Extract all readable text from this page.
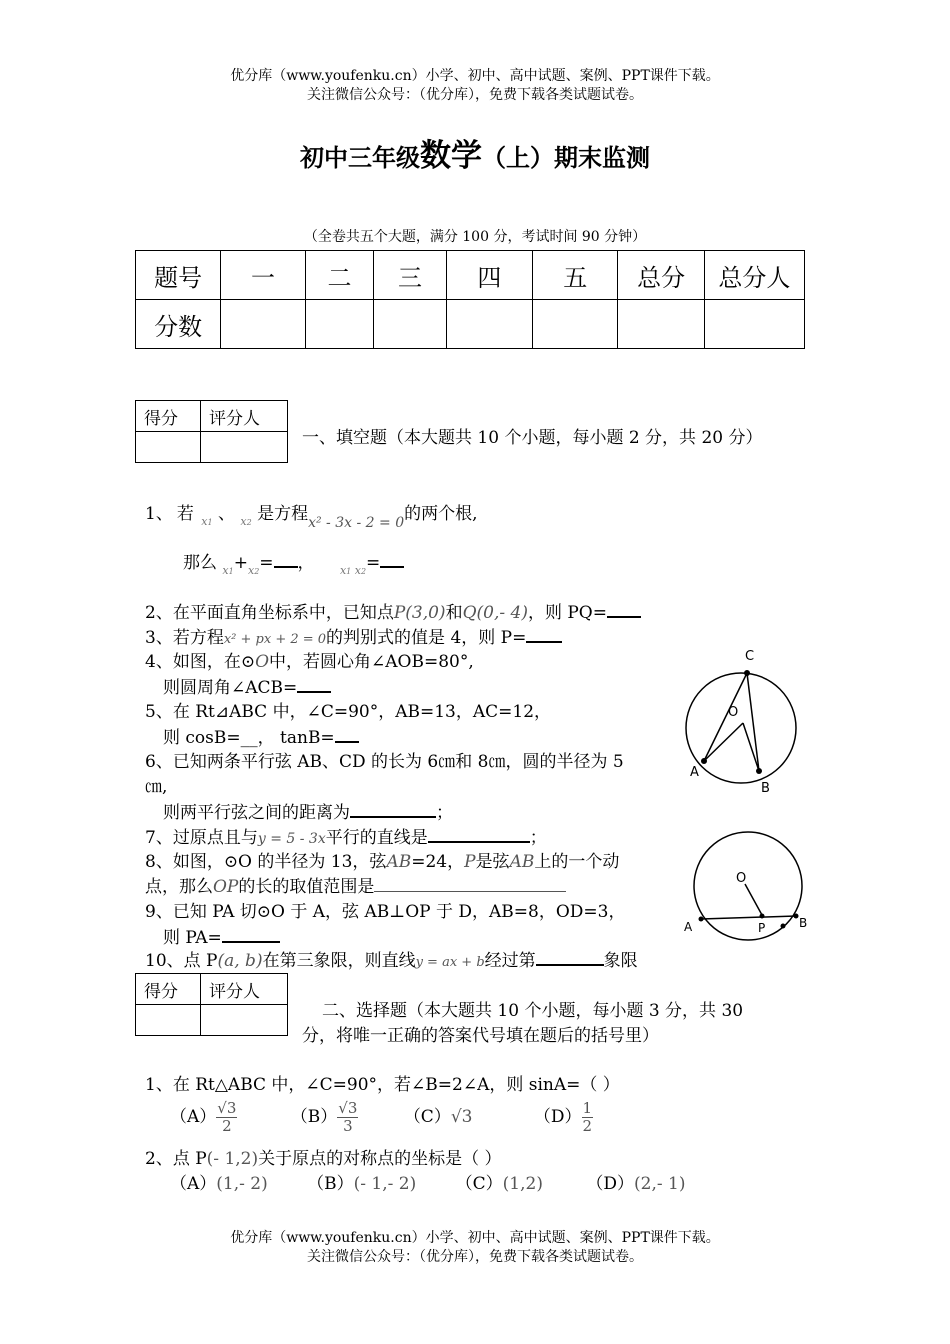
优分库（www.youfenku.cn）小学、初中、高中试题、案例、PPT课件下载。
关注微信公众号：（优分库），免费下载各类试题试卷。
初中三年级数学（上）期末监测
（全卷共五个大题，满分 100 分，考试时间 90 分钟）
题号	一	二	三	四	五	总分	总分人
分数							
得分	评分人

一、填空题（本大题共 10 个小题，每小题 2 分，共 20 分）
1、 若 $_{x1}$ 、 $_{x2}$ 是方程$_{x^2 - 3x - 2 = 0}$的两个根,
那么 $_{x1}+_{x2}=$ ， $_{x1 x2}$=
2、在平面直角坐标系中，已知点P(3,0)和Q(0,- 4)，则 PQ=
3、若方程x² + px + 2 = 0的判别式的值是 4，则 P=
4、如图，在⊙O中，若圆心角∠AOB=80°,
则圆周角∠ACB=
5、在 Rt⊿ABC 中，∠C=90°，AB=13，AC=12，
则 cosB=__， tanB=
6、已知两条平行弦 AB、CD 的长为 6㎝和 8㎝，圆的半径为 5
㎝,
则两平行弦之间的距离为	；
7、过原点且与y = 5 - 3x平行的直线是	；
8、如图，⊙O 的半径为 13，弦AB=24，P是弦AB上的一个动
点，那么OP的长的取值范围是
9、已知 PA 切⊙O 于 A，弦 AB⊥OP 于 D，AB=8，OD=3，
则 PA=
10、点 P(a, b)在第三象限，则直线y = ax + b经过第	象限
得分	评分人

二、选择题（本大题共 10 个小题，每小题 3 分，共 30
分，将唯一正确的答案代号填在题后的括号里）
1、在 Rt△ABC 中，∠C=90°，若∠B=2∠A，则 sinA=（ ）
$(A) \frac{√3}{2}$	$(B) \frac{√3}{3}$	（C）√3	$(D) \frac{1}{2}$
2、点 P(- 1,2)关于原点的对称点的坐标是（ ）
（A）(1,- 2) （B）(- 1,- 2) （C）(1,2)	（D）(2,- 1)
C
O
A
B
O
A	P	B
优分库（www.youfenku.cn）小学、初中、高中试题、案例、PPT课件下载。
关注微信公众号：（优分库），免费下载各类试题试卷。
